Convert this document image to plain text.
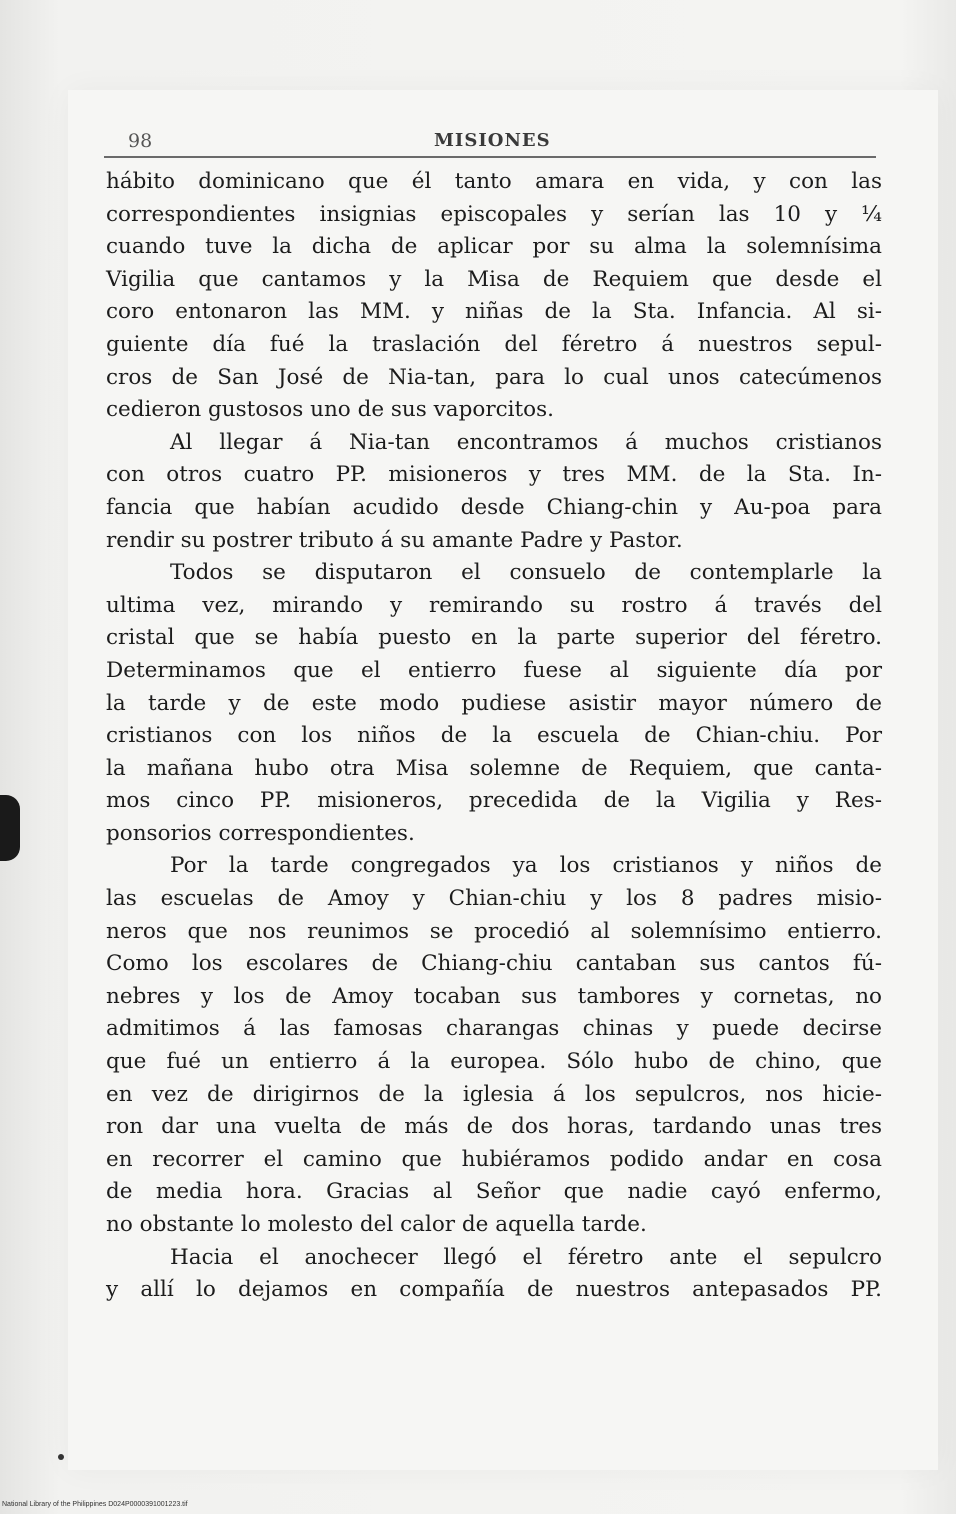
98	MISIONES
hábito dominicano que él tanto amara en vida, y con las
correspondientes insignias episcopales y serían las 10 y ¼
cuando tuve la dicha de aplicar por su alma la solemnísima
Vigilia que cantamos y la Misa de Requiem que desde el
coro entonaron las MM. y niñas de la Sta. Infancia. Al si-
guiente día fué la traslación del féretro á nuestros sepul-
cros de San José de Nia-tan, para lo cual unos catecúmenos
cedieron gustosos uno de sus vaporcitos.
Al llegar á Nia-tan encontramos á muchos cristianos
con otros cuatro PP. misioneros y tres MM. de la Sta. In-
fancia que habían acudido desde Chiang-chin y Au-poa para
rendir su postrer tributo á su amante Padre y Pastor.
Todos se disputaron el consuelo de contemplarle la
ultima vez, mirando y remirando su rostro á través del
cristal que se había puesto en la parte superior del féretro.
Determinamos que el entierro fuese al siguiente día por
la tarde y de este modo pudiese asistir mayor número de
cristianos con los niños de la escuela de Chian-chiu. Por
la mañana hubo otra Misa solemne de Requiem, que canta-
mos cinco PP. misioneros, precedida de la Vigilia y Res-
ponsorios correspondientes.
Por la tarde congregados ya los cristianos y niños de
las escuelas de Amoy y Chian-chiu y los 8 padres misio-
neros que nos reunimos se procedió al solemnísimo entierro.
Como los escolares de Chiang-chiu cantaban sus cantos fú-
nebres y los de Amoy tocaban sus tambores y cornetas, no
admitimos á las famosas charangas chinas y puede decirse
que fué un entierro á la europea. Sólo hubo de chino, que
en vez de dirigirnos de la iglesia á los sepulcros, nos hicie-
ron dar una vuelta de más de dos horas, tardando unas tres
en recorrer el camino que hubiéramos podido andar en cosa
de media hora. Gracias al Señor que nadie cayó enfermo,
no obstante lo molesto del calor de aquella tarde.
Hacia el anochecer llegó el féretro ante el sepulcro
y allí lo dejamos en compañía de nuestros antepasados PP.
National Library of the Philippines D024P0000391001223.tif
